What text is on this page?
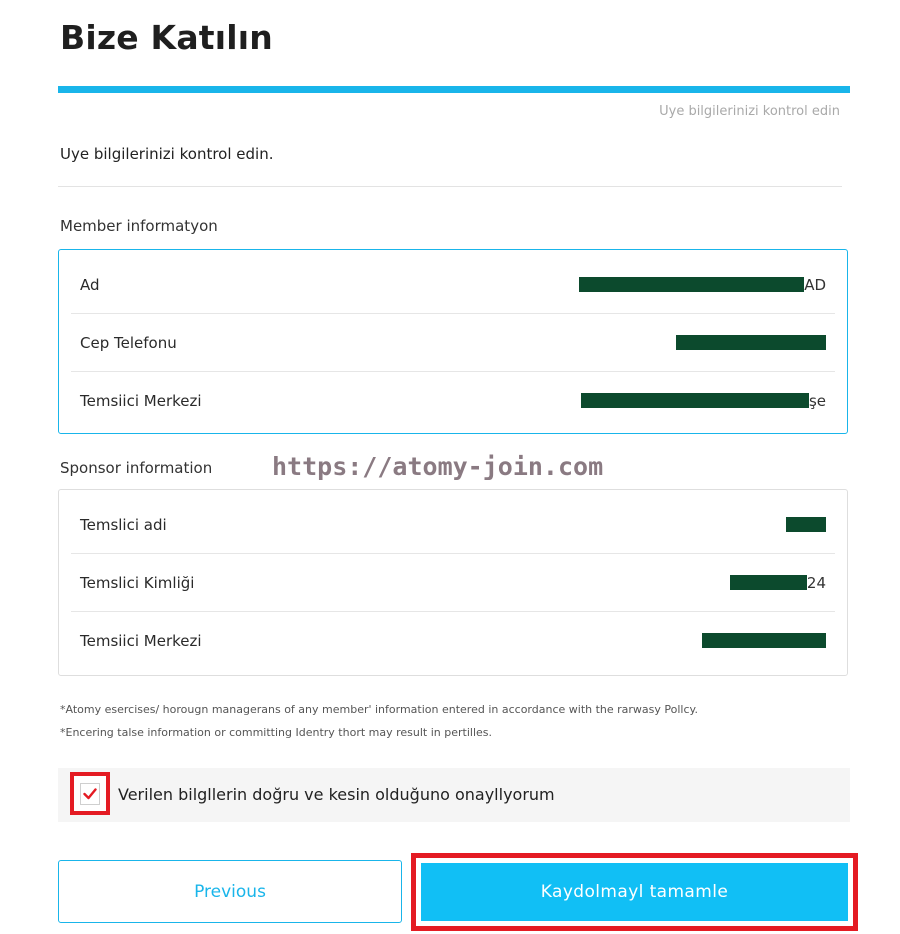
Bize Katılın
Uye bilgilerinizi kontrol edin
Uye bilgilerinizi kontrol edin.
Member informatyon
Ad	AD
Cep Telefonu
Temsiici Merkezi	şe
Sponsor information https://atomy-join.com
Temslici adi
Temslici Kimliği	24
Temsiici Merkezi
*Atomy esercises/ horougn managerans of any member' information entered in accordance with the rarwasy Pollcy.
*Encering talse information or committing Identry thort may result in pertilles.
Verilen bilgllerin doğru ve kesin olduğuno onayllyorum
Previous	Kaydolmayl tamamle
